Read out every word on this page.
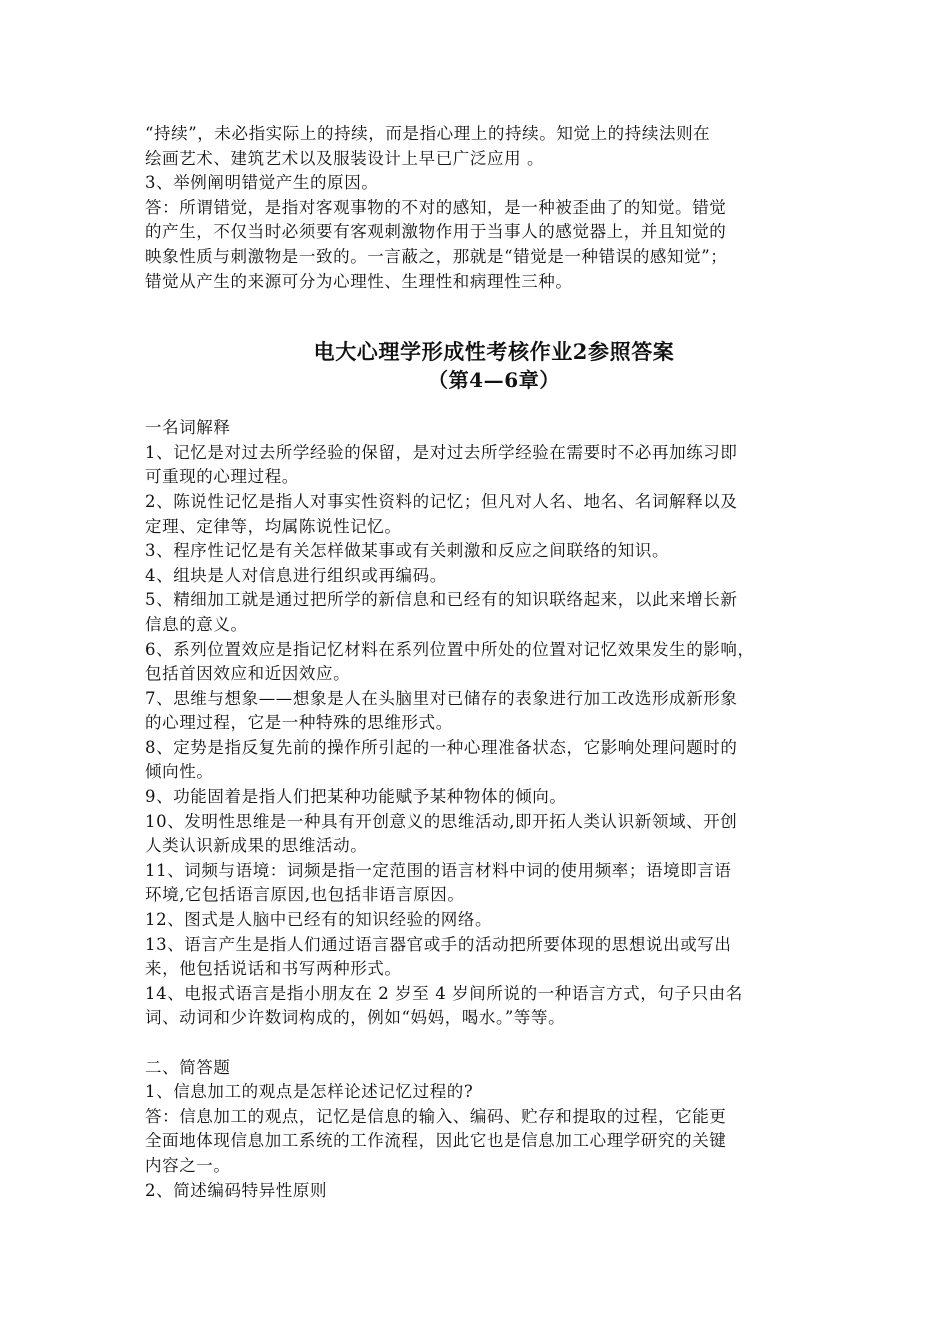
“持续”，未必指实际上的持续，而是指心理上的持续。知觉上的持续法则在
绘画艺术、建筑艺术以及服装设计上早已广泛应用 。
3、举例阐明错觉产生的原因。
答：所谓错觉，是指对客观事物的不对的感知，是一种被歪曲了的知觉。错觉
的产生，不仅当时必须要有客观刺激物作用于当事人的感觉器上，并且知觉的
映象性质与刺激物是一致的。一言蔽之，那就是“错觉是一种错误的感知觉”；
错觉从产生的来源可分为心理性、生理性和病理性三种。
电大心理学形成性考核作业2参照答案
（第4—6章）
一名词解释
1、记忆是对过去所学经验的保留，是对过去所学经验在需要时不必再加练习即
可重现的心理过程。
2、陈说性记忆是指人对事实性资料的记忆；但凡对人名、地名、名词解释以及
定理、定律等，均属陈说性记忆。
3、程序性记忆是有关怎样做某事或有关刺激和反应之间联络的知识。
4、组块是人对信息进行组织或再编码。
5、精细加工就是通过把所学的新信息和已经有的知识联络起来，以此来增长新
信息的意义。
6、系列位置效应是指记忆材料在系列位置中所处的位置对记忆效果发生的影响，
包括首因效应和近因效应。
7、思维与想象——想象是人在头脑里对已储存的表象进行加工改选形成新形象
的心理过程，它是一种特殊的思维形式。
8、定势是指反复先前的操作所引起的一种心理准备状态，它影响处理问题时的
倾向性。
9、功能固着是指人们把某种功能赋予某种物体的倾向。
10、发明性思维是一种具有开创意义的思维活动,即开拓人类认识新领域、开创
人类认识新成果的思维活动。
11、词频与语境：词频是指一定范围的语言材料中词的使用频率；语境即言语
环境,它包括语言原因,也包括非语言原因。
12、图式是人脑中已经有的知识经验的网络。
13、语言产生是指人们通过语言器官或手的活动把所要体现的思想说出或写出
来，他包括说话和书写两种形式。
14、电报式语言是指小朋友在 2 岁至 4 岁间所说的一种语言方式，句子只由名
词、动词和少许数词构成的，例如“妈妈，喝水。”等等。
二、简答题
1、信息加工的观点是怎样论述记忆过程的?
答：信息加工的观点，记忆是信息的输入、编码、贮存和提取的过程，它能更
全面地体现信息加工系统的工作流程，因此它也是信息加工心理学研究的关键
内容之一。
2、简述编码特异性原则
